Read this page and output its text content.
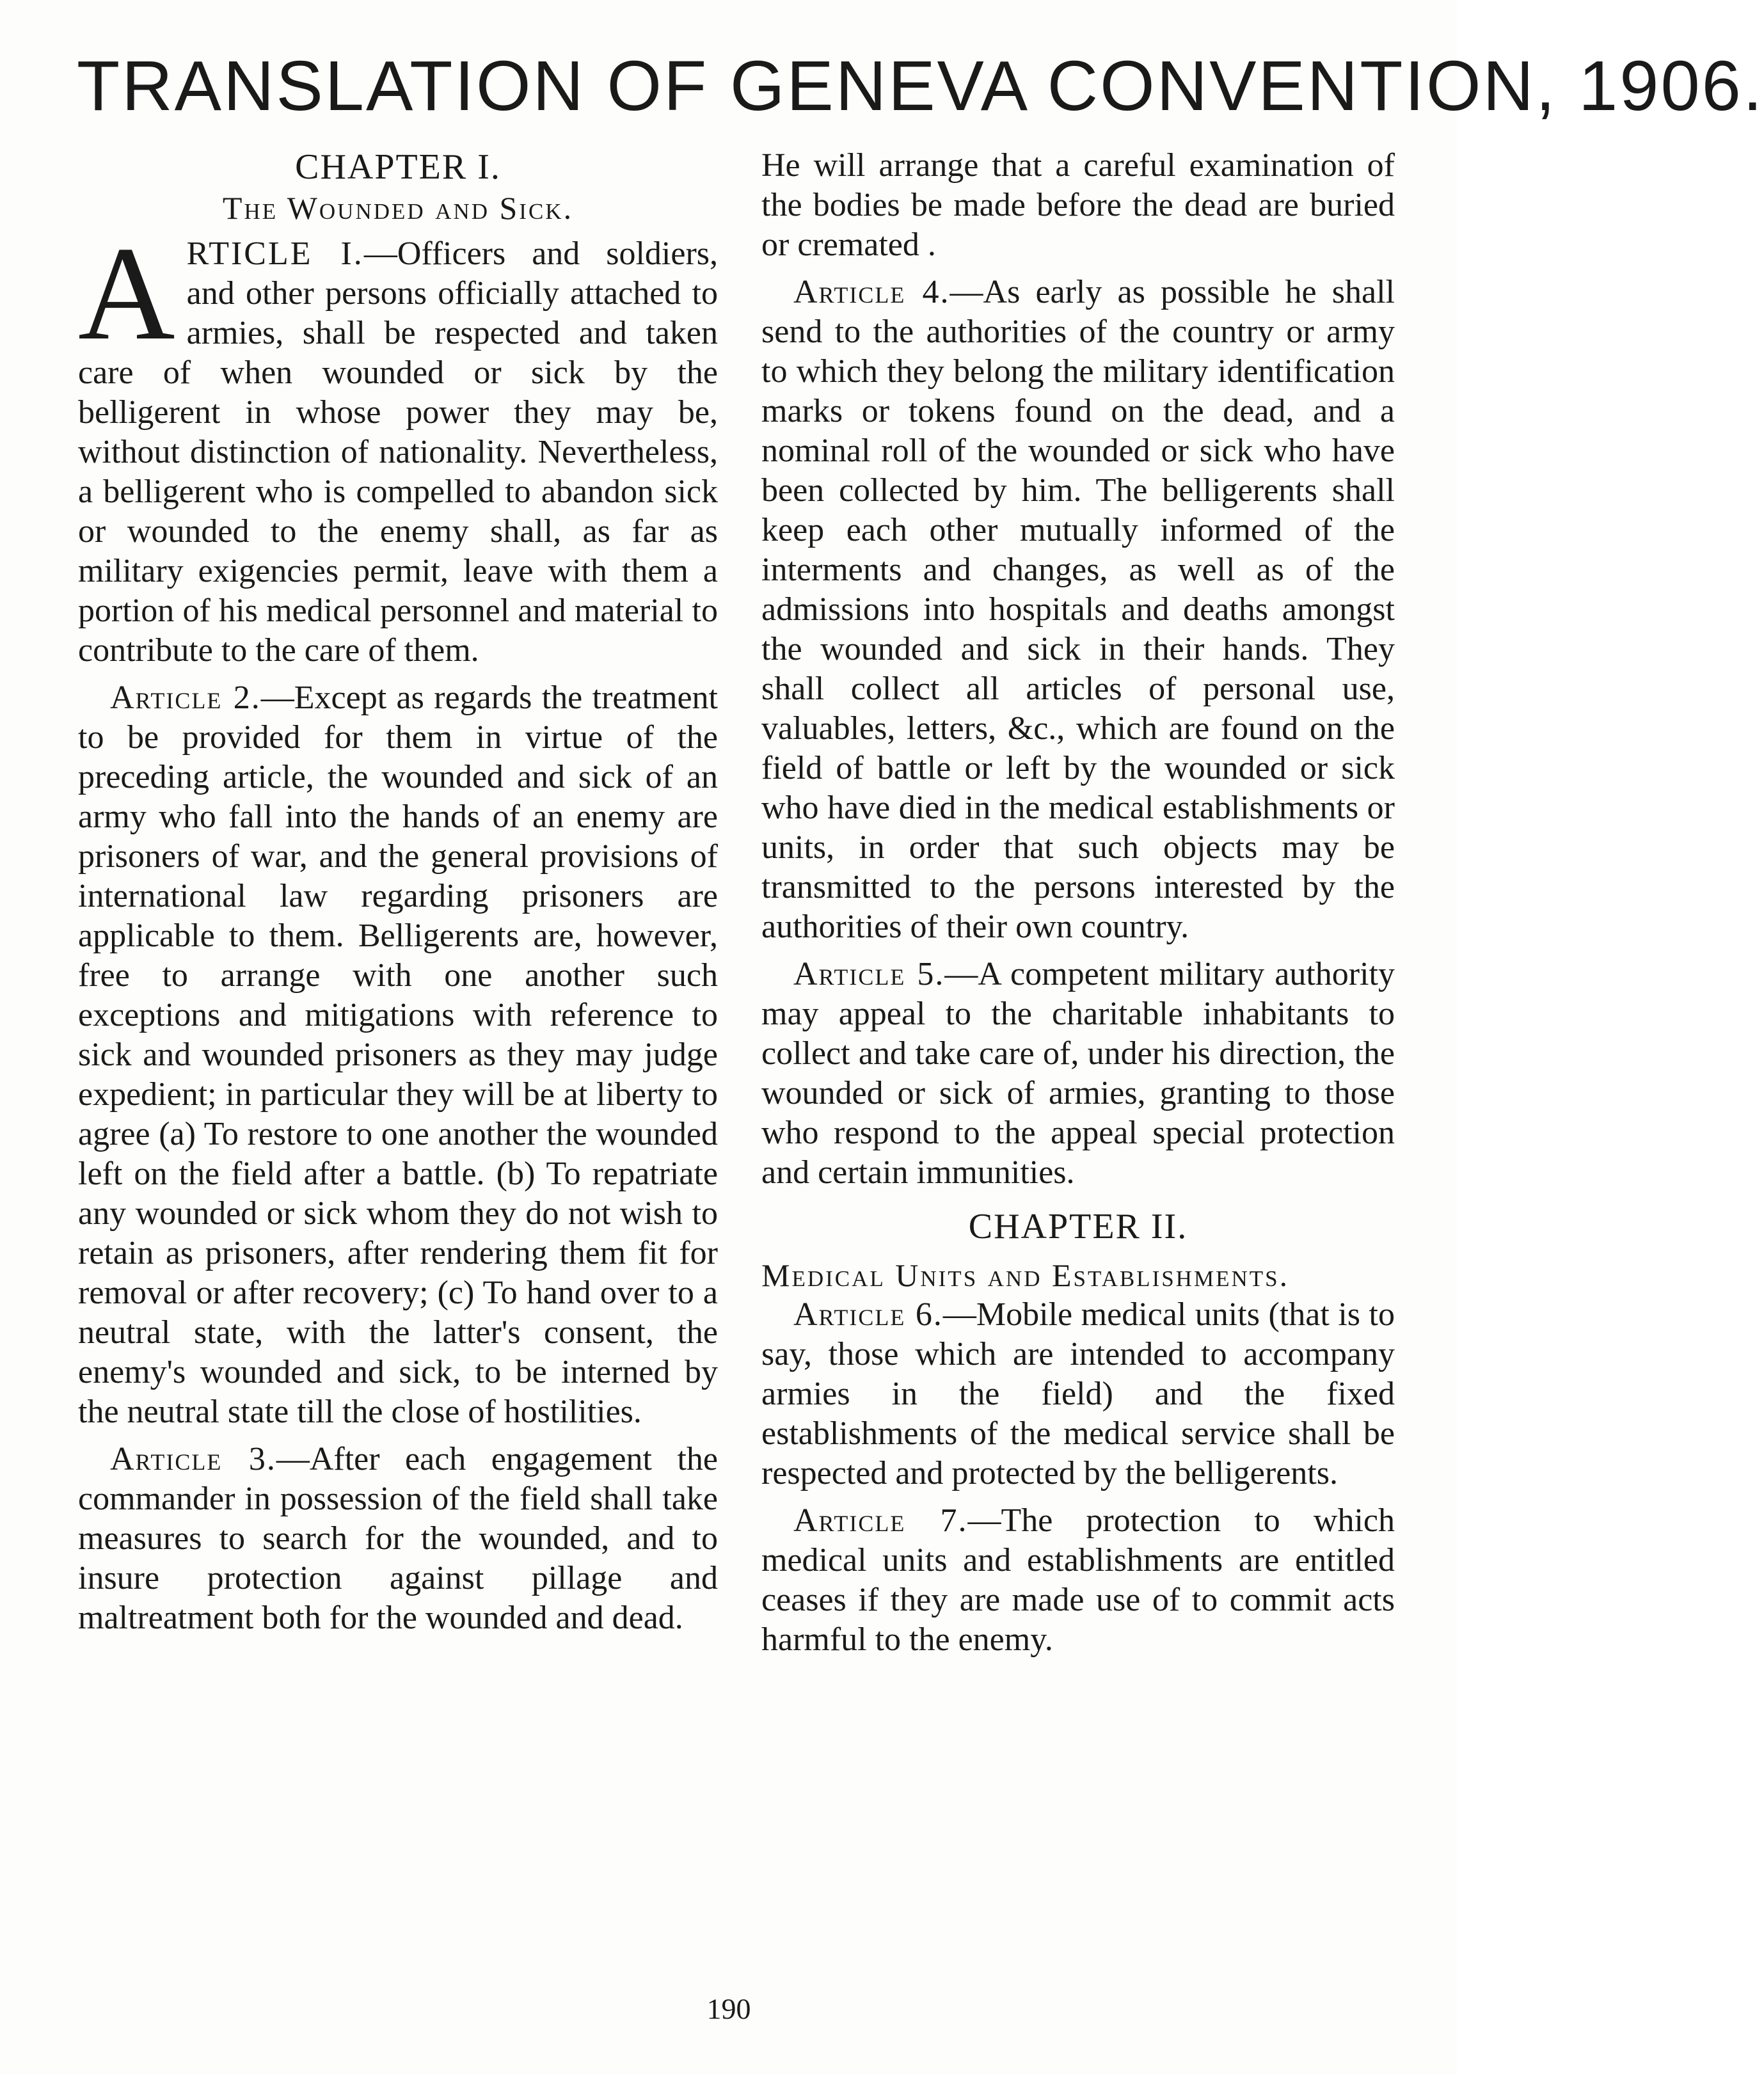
TRANSLATION OF GENEVA CONVENTION, 1906.
CHAPTER I.
The Wounded and Sick.

ARTICLE I.—Officers and soldiers, and other persons officially attached to armies, shall be respected and taken care of when wounded or sick by the belligerent in whose power they may be, without distinction of nationality. Nevertheless, a belligerent who is compelled to abandon sick or wounded to the enemy shall, as far as military exigencies permit, leave with them a portion of his medical personnel and material to contribute to the care of them.

Article 2.—Except as regards the treatment to be provided for them in virtue of the preceding article, the wounded and sick of an army who fall into the hands of an enemy are prisoners of war, and the general provisions of international law regarding prisoners are applicable to them. Belligerents are, however, free to arrange with one another such exceptions and mitigations with reference to sick and wounded prisoners as they may judge expedient; in particular they will be at liberty to agree (a) To restore to one another the wounded left on the field after a battle. (b) To repatriate any wounded or sick whom they do not wish to retain as prisoners, after rendering them fit for removal or after recovery; (c) To hand over to a neutral state, with the latter's consent, the enemy's wounded and sick, to be interned by the neutral state till the close of hostilities.

Article 3.—After each engagement the commander in possession of the field shall take measures to search for the wounded, and to insure protection against pillage and maltreatment both for the wounded and dead.

He will arrange that a careful examination of the bodies be made before the dead are buried or cremated .

Article 4.—As early as possible he shall send to the authorities of the country or army to which they belong the military identification marks or tokens found on the dead, and a nominal roll of the wounded or sick who have been collected by him. The belligerents shall keep each other mutually informed of the interments and changes, as well as of the admissions into hospitals and deaths amongst the wounded and sick in their hands. They shall collect all articles of personal use, valuables, letters, &c., which are found on the field of battle or left by the wounded or sick who have died in the medical establishments or units, in order that such objects may be transmitted to the persons interested by the authorities of their own country.

Article 5.—A competent military authority may appeal to the charitable inhabitants to collect and take care of, under his direction, the wounded or sick of armies, granting to those who respond to the appeal special protection and certain immunities.

CHAPTER II.
Medical Units and Establishments.

Article 6.—Mobile medical units (that is to say, those which are intended to accompany armies in the field) and the fixed establishments of the medical service shall be respected and protected by the belligerents.

Article 7.—The protection to which medical units and establishments are entitled ceases if they are made use of to commit acts harmful to the enemy.

190
